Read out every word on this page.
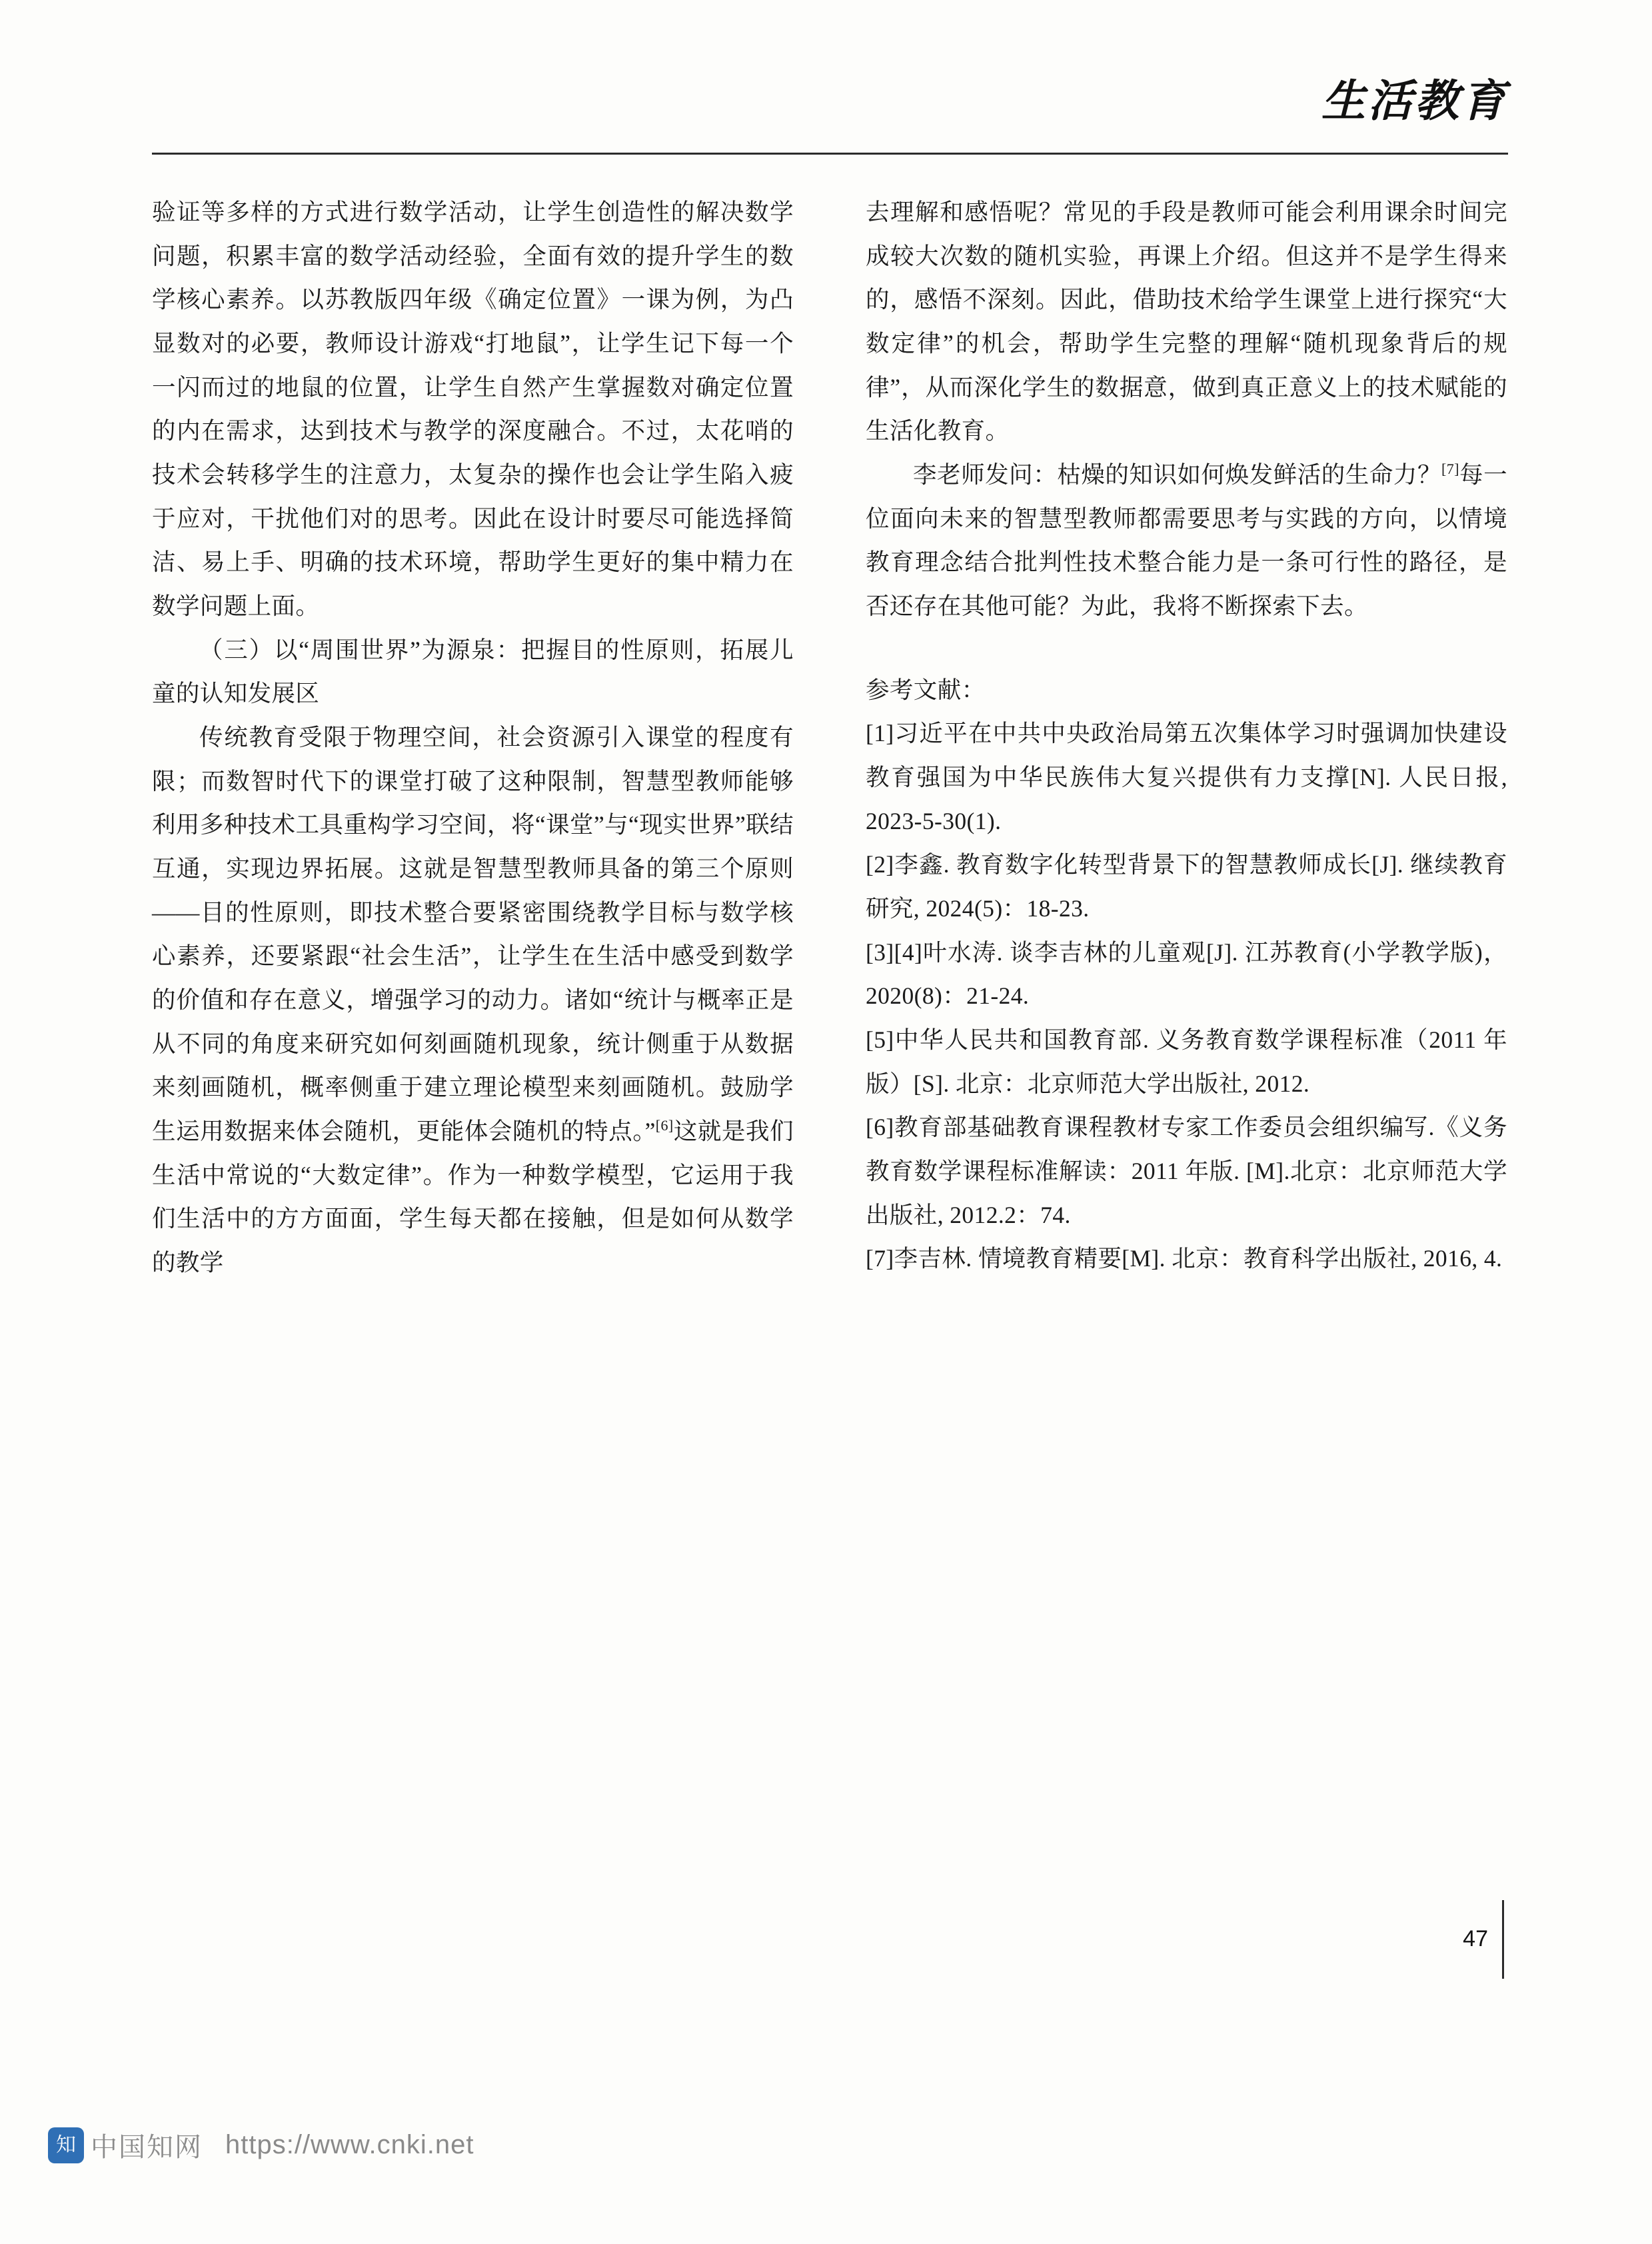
生活教育

验证等多样的方式进行数学活动，让学生创造性的解决数学问题，积累丰富的数学活动经验，全面有效的提升学生的数学核心素养。以苏教版四年级《确定位置》一课为例，为凸显数对的必要，教师设计游戏“打地鼠”，让学生记下每一个一闪而过的地鼠的位置，让学生自然产生掌握数对确定位置的内在需求，达到技术与教学的深度融合。不过，太花哨的技术会转移学生的注意力，太复杂的操作也会让学生陷入疲于应对，干扰他们对的思考。因此在设计时要尽可能选择简洁、易上手、明确的技术环境，帮助学生更好的集中精力在数学问题上面。

（三）以“周围世界”为源泉：把握目的性原则，拓展儿童的认知发展区

传统教育受限于物理空间，社会资源引入课堂的程度有限；而数智时代下的课堂打破了这种限制，智慧型教师能够利用多种技术工具重构学习空间，将“课堂”与“现实世界”联结互通，实现边界拓展。这就是智慧型教师具备的第三个原则——目的性原则，即技术整合要紧密围绕教学目标与数学核心素养，还要紧跟“社会生活”，让学生在生活中感受到数学的价值和存在意义，增强学习的动力。诸如“统计与概率正是从不同的角度来研究如何刻画随机现象，统计侧重于从数据来刻画随机，概率侧重于建立理论模型来刻画随机。鼓励学生运用数据来体会随机，更能体会随机的特点。”[6]这就是我们生活中常说的“大数定律”。作为一种数学模型，它运用于我们生活中的方方面面，学生每天都在接触，但是如何从数学的教学

去理解和感悟呢？常见的手段是教师可能会利用课余时间完成较大次数的随机实验，再课上介绍。但这并不是学生得来的，感悟不深刻。因此，借助技术给学生课堂上进行探究“大数定律”的机会，帮助学生完整的理解“随机现象背后的规律”，从而深化学生的数据意，做到真正意义上的技术赋能的生活化教育。

李老师发问：枯燥的知识如何焕发鲜活的生命力？[7]每一位面向未来的智慧型教师都需要思考与实践的方向，以情境教育理念结合批判性技术整合能力是一条可行性的路径，是否还存在其他可能？为此，我将不断探索下去。

参考文献：

[1]习近平在中共中央政治局第五次集体学习时强调加快建设教育强国为中华民族伟大复兴提供有力支撑[N]. 人民日报, 2023-5-30(1).

[2]李鑫. 教育数字化转型背景下的智慧教师成长[J]. 继续教育研究, 2024(5)：18-23.

[3][4]叶水涛. 谈李吉林的儿童观[J]. 江苏教育(小学教学版)，2020(8)：21-24.

[5]中华人民共和国教育部. 义务教育数学课程标准（2011 年版）[S]. 北京：北京师范大学出版社, 2012.

[6]教育部基础教育课程教材专家工作委员会组织编写.《义务教育数学课程标准解读：2011 年版. [M].北京：北京师范大学出版社, 2012.2：74.

[7]李吉林. 情境教育精要[M]. 北京：教育科学出版社, 2016, 4.

47
知 中国知网 https://www.cnki.net
